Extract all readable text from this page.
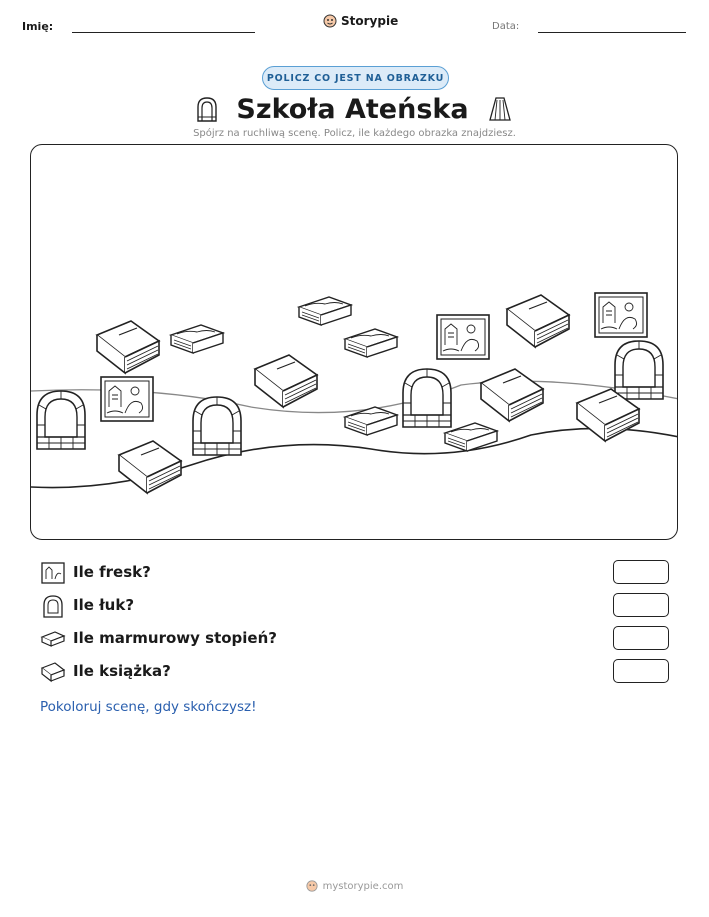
Imię:	Storypie	Data:
POLICZ CO JEST NA OBRAZKU
Szkoła Ateńska
Spójrz na ruchliwą scenę. Policz, ile każdego obrazka znajdziesz.
Ile fresk?
Ile łuk?
Ile marmurowy stopień?
Ile książka?
Pokoloruj scenę, gdy skończysz!
mystorypie.com
